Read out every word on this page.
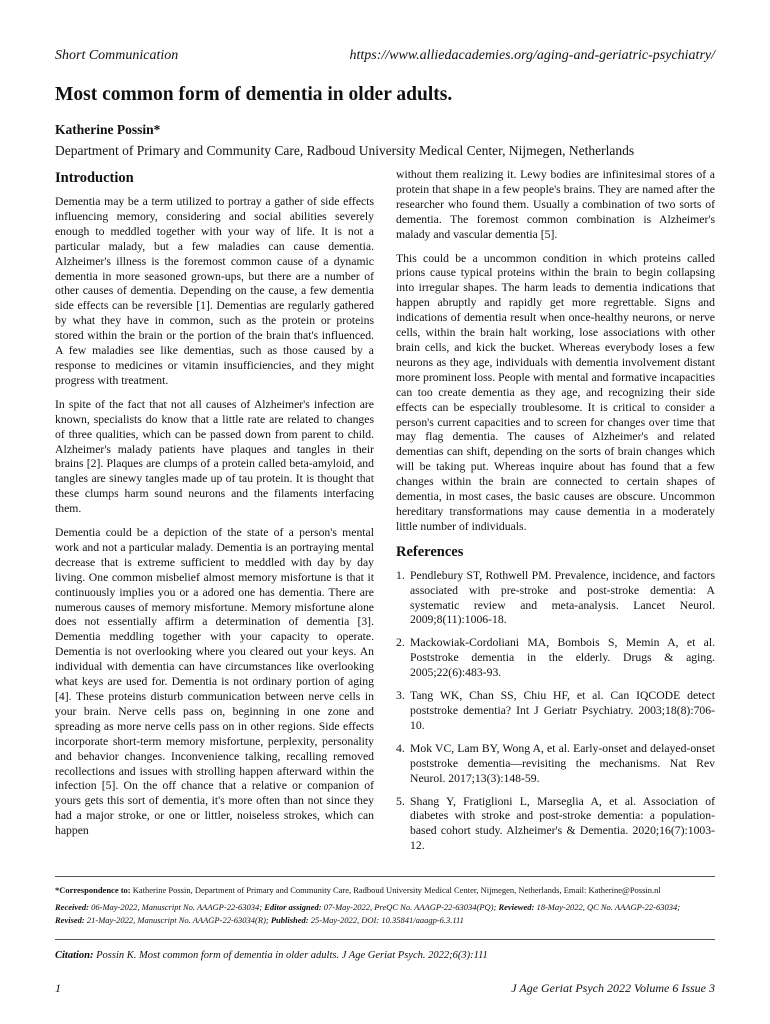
Short Communication	https://www.alliedacademies.org/aging-and-geriatric-psychiatry/
Most common form of dementia in older adults.
Katherine Possin*
Department of Primary and Community Care, Radboud University Medical Center, Nijmegen, Netherlands
Introduction

Dementia may be a term utilized to portray a gather of side effects influencing memory, considering and social abilities severely enough to meddled together with your way of life. It is not a particular malady, but a few maladies can cause dementia. Alzheimer's illness is the foremost common cause of a dynamic dementia in more seasoned grown-ups, but there are a number of other causes of dementia. Depending on the cause, a few dementia side effects can be reversible [1]. Dementias are regularly gathered by what they have in common, such as the protein or proteins stored within the brain or the portion of the brain that's influenced. A few maladies see like dementias, such as those caused by a response to medicines or vitamin insufficiencies, and they might progress with treatment.

In spite of the fact that not all causes of Alzheimer's infection are known, specialists do know that a little rate are related to changes of three qualities, which can be passed down from parent to child. Alzheimer's malady patients have plaques and tangles in their brains [2]. Plaques are clumps of a protein called beta-amyloid, and tangles are sinewy tangles made up of tau protein. It is thought that these clumps harm sound neurons and the filaments interfacing them.

Dementia could be a depiction of the state of a person's mental work and not a particular malady. Dementia is an portraying mental decrease that is extreme sufficient to meddled with day by day living. One common misbelief almost memory misfortune is that it continuously implies you or a adored one has dementia. There are numerous causes of memory misfortune. Memory misfortune alone does not essentially affirm a determination of dementia [3]. Dementia meddling together with your capacity to operate. Dementia is not overlooking where you cleared out your keys. An individual with dementia can have circumstances like overlooking what keys are used for. Dementia is not ordinary portion of aging [4]. These proteins disturb communication between nerve cells in your brain. Nerve cells pass on, beginning in one zone and spreading as more nerve cells pass on in other regions. Side effects incorporate short-term memory misfortune, perplexity, personality and behavior changes. Inconvenience talking, recalling removed recollections and issues with strolling happen afterward within the infection [5]. On the off chance that a relative or companion of yours gets this sort of dementia, it's more often than not since they had a major stroke, or one or littler, noiseless strokes, which can happen

without them realizing it. Lewy bodies are infinitesimal stores of a protein that shape in a few people's brains. They are named after the researcher who found them. Usually a combination of two sorts of dementia. The foremost common combination is Alzheimer's malady and vascular dementia [5].

This could be a uncommon condition in which proteins called prions cause typical proteins within the brain to begin collapsing into irregular shapes. The harm leads to dementia indications that happen abruptly and rapidly get more regrettable. Signs and indications of dementia result when once-healthy neurons, or nerve cells, within the brain halt working, lose associations with other brain cells, and kick the bucket. Whereas everybody loses a few neurons as they age, individuals with dementia involvement distant more prominent loss. People with mental and formative incapacities can too create dementia as they age, and recognizing their side effects can be especially troublesome. It is critical to consider a person's current capacities and to screen for changes over time that may flag dementia. The causes of Alzheimer's and related dementias can shift, depending on the sorts of brain changes which will be taking put. Whereas inquire about has found that a few changes within the brain are connected to certain shapes of dementia, in most cases, the basic causes are obscure. Uncommon hereditary transformations may cause dementia in a moderately little number of individuals.

References
1. Pendlebury ST, Rothwell PM. Prevalence, incidence, and factors associated with pre-stroke and post-stroke dementia: A systematic review and meta-analysis. Lancet Neurol. 2009;8(11):1006-18.
2. Mackowiak-Cordoliani MA, Bombois S, Memin A, et al. Poststroke dementia in the elderly. Drugs & aging. 2005;22(6):483-93.
3. Tang WK, Chan SS, Chiu HF, et al. Can IQCODE detect poststroke dementia? Int J Geriatr Psychiatry. 2003;18(8):706-10.
4. Mok VC, Lam BY, Wong A, et al. Early-onset and delayed-onset poststroke dementia—revisiting the mechanisms. Nat Rev Neurol. 2017;13(3):148-59.
5. Shang Y, Fratiglioni L, Marseglia A, et al. Association of diabetes with stroke and post-stroke dementia: a population-based cohort study. Alzheimer's & Dementia. 2020;16(7):1003-12.

*Correspondence to: Katherine Possin, Department of Primary and Community Care, Radboud University Medical Center, Nijmegen, Netherlands, Email: Katherine@Possin.nl

Received: 06-May-2022, Manuscript No. AAAGP-22-63034; Editor assigned: 07-May-2022, PreQC No. AAAGP-22-63034(PQ); Reviewed: 18-May-2022, QC No. AAAGP-22-63034;
Revised: 21-May-2022, Manuscript No. AAAGP-22-63034(R); Published: 25-May-2022, DOI: 10.35841/aaagp-6.3.111

Citation: Possin K. Most common form of dementia in older adults. J Age Geriat Psych. 2022;6(3):111
1	J Age Geriat Psych 2022 Volume 6 Issue 3
